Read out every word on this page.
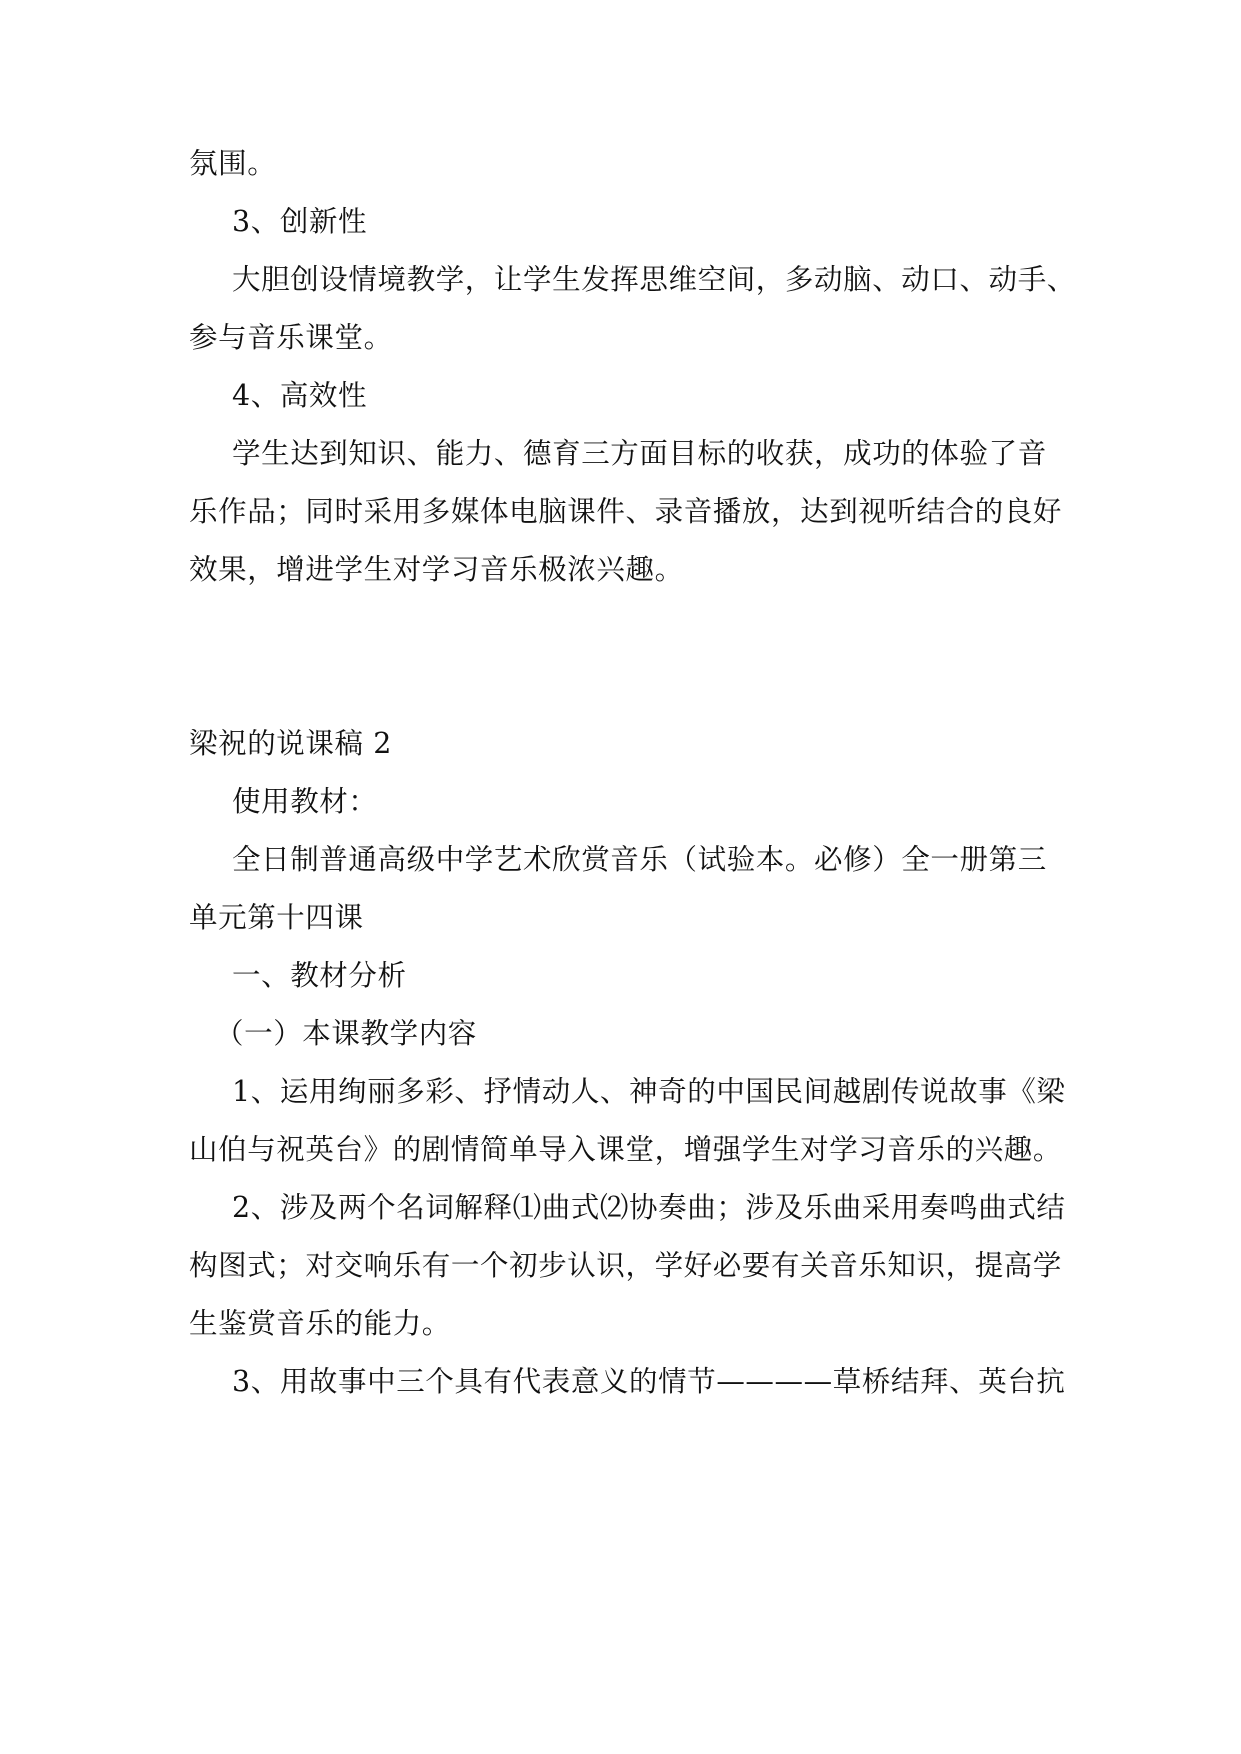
氛围。
3、创新性
大胆创设情境教学，让学生发挥思维空间，多动脑、动口、动手、
参与音乐课堂。
4、高效性
学生达到知识、能力、德育三方面目标的收获，成功的体验了音
乐作品；同时采用多媒体电脑课件、录音播放，达到视听结合的良好
效果，增进学生对学习音乐极浓兴趣。
梁祝的说课稿 2
使用教材：
全日制普通高级中学艺术欣赏音乐（试验本。必修）全一册第三
单元第十四课
一、教材分析
（一）本课教学内容
1、运用绚丽多彩、抒情动人、神奇的中国民间越剧传说故事《梁
山伯与祝英台》的剧情简单导入课堂，增强学生对学习音乐的兴趣。
2、涉及两个名词解释⑴曲式⑵协奏曲；涉及乐曲采用奏鸣曲式结
构图式；对交响乐有一个初步认识，学好必要有关音乐知识，提高学
生鉴赏音乐的能力。
3、用故事中三个具有代表意义的情节————草桥结拜、英台抗
